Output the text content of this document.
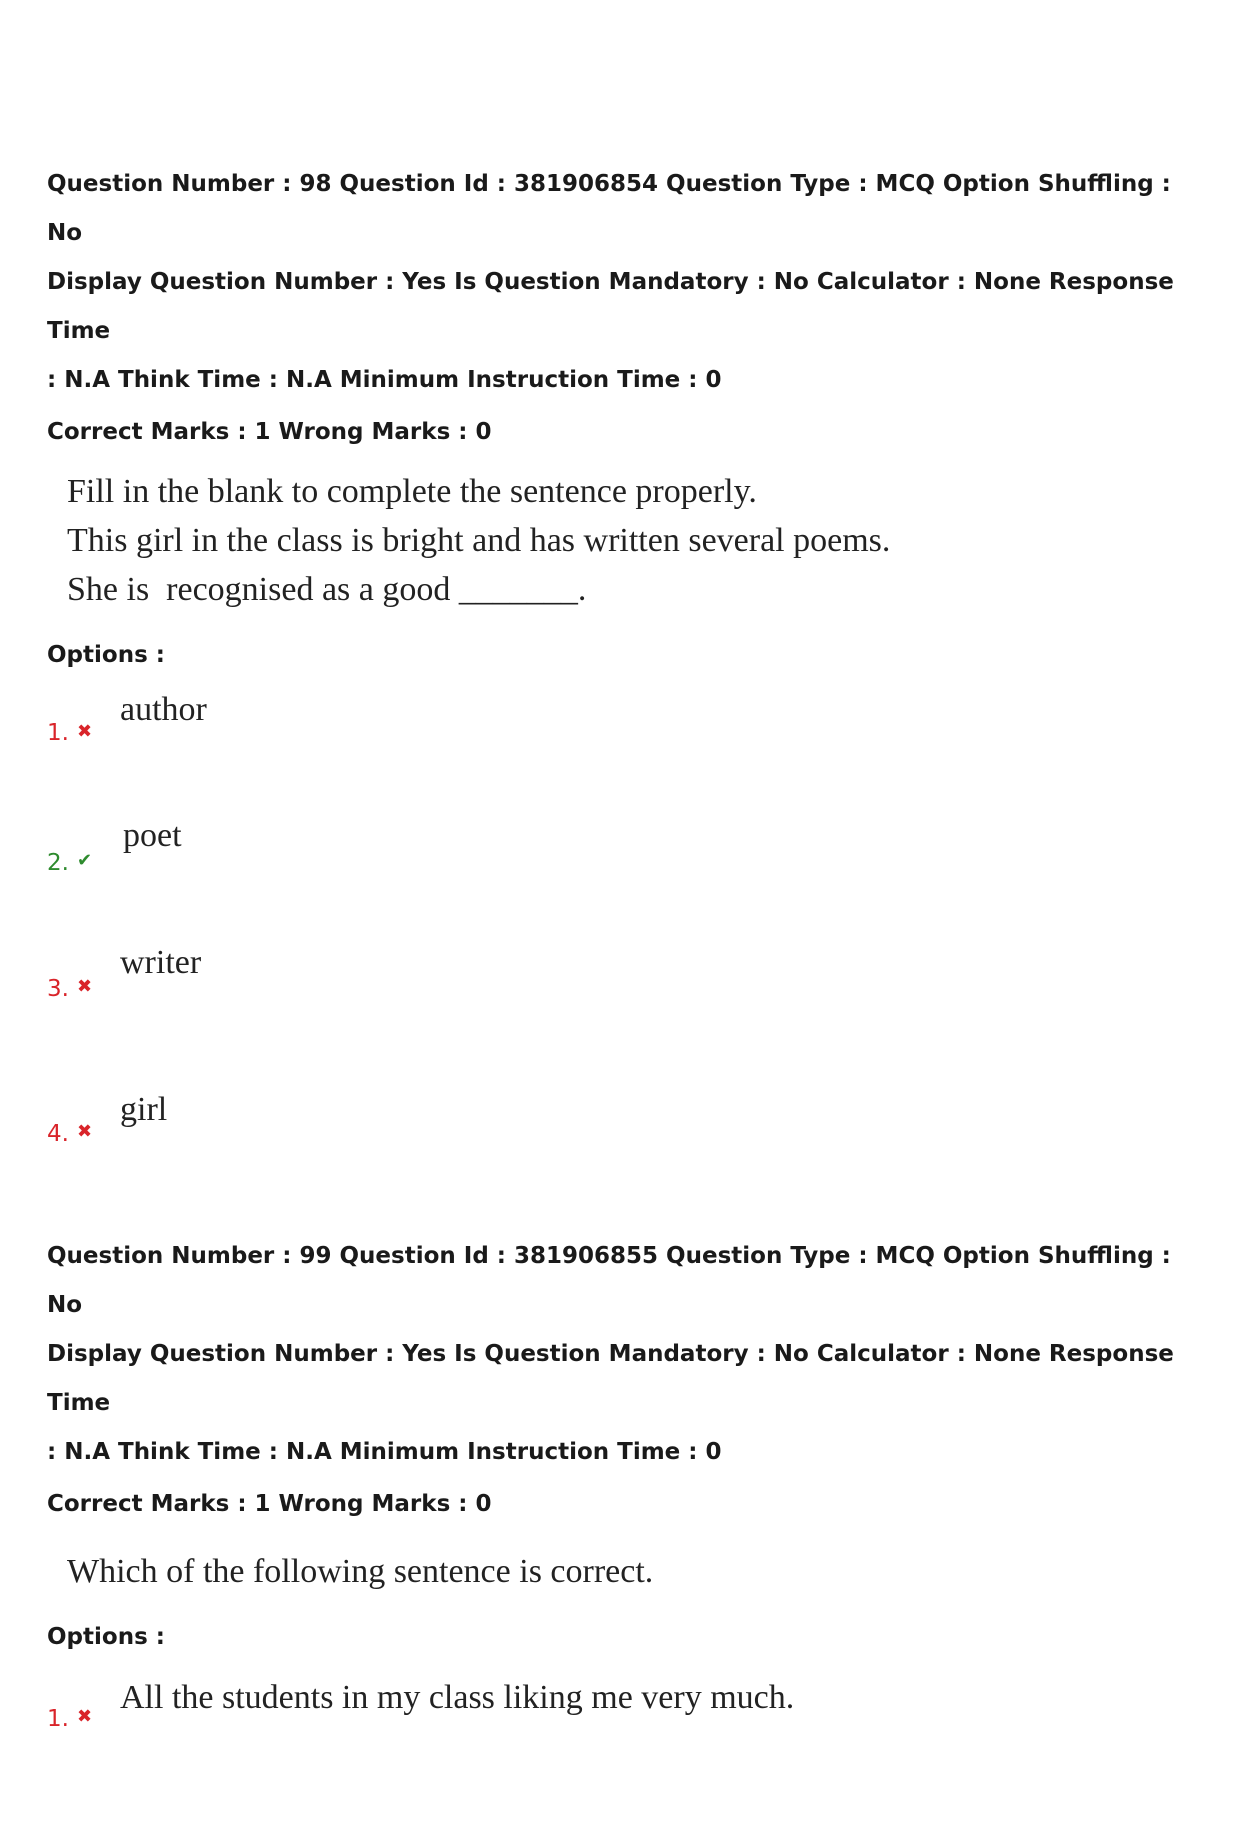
Question Number : 98 Question Id : 381906854 Question Type : MCQ Option Shuffling : No

Display Question Number : Yes Is Question Mandatory : No Calculator : None Response Time

: N.A Think Time : N.A Minimum Instruction Time : 0

Correct Marks : 1 Wrong Marks : 0
Fill in the blank to complete the sentence properly.
This girl in the class is bright and has written several poems.
She is  recognised as a good _______.
Options :
1. ✖
author
2. ✔
poet
3. ✖
writer
4. ✖
girl

Question Number : 99 Question Id : 381906855 Question Type : MCQ Option Shuffling : No

Display Question Number : Yes Is Question Mandatory : No Calculator : None Response Time

: N.A Think Time : N.A Minimum Instruction Time : 0

Correct Marks : 1 Wrong Marks : 0
Which of the following sentence is correct.
Options :
1. ✖
All the students in my class liking me very much.
